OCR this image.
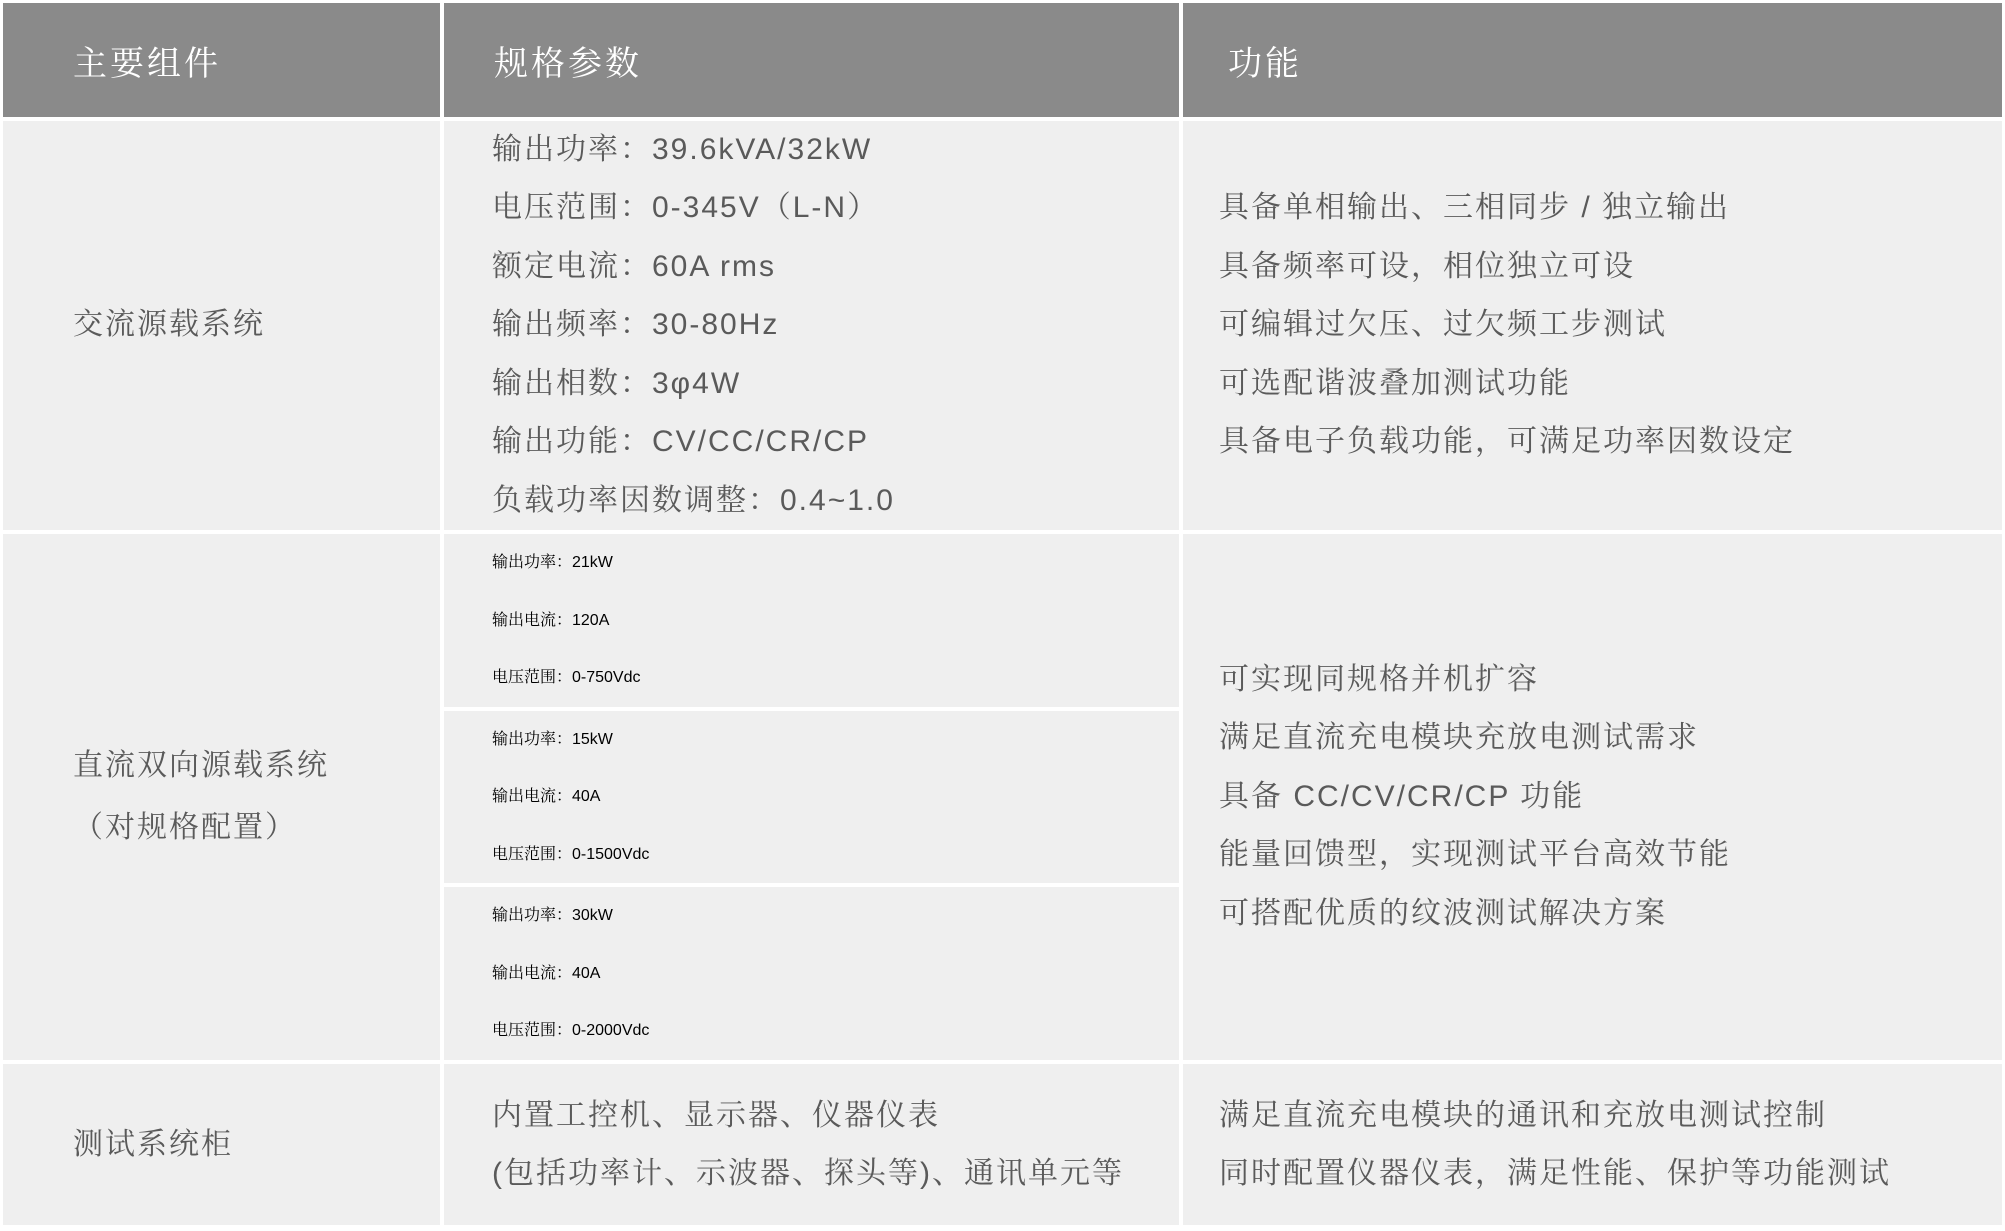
主要组件	规格参数	功能
交流源载系统
输出功率：39.6kVA/32kW
电压范围：0-345V（L-N）
额定电流：60A rms
输出频率：30-80Hz
输出相数：3φ4W
输出功能：CV/CC/CR/CP
负载功率因数调整：0.4~1.0
具备单相输出、三相同步 / 独立输出
具备频率可设，相位独立可设
可编辑过欠压、过欠频工步测试
可选配谐波叠加测试功能
具备电子负载功能，可满足功率因数设定
直流双向源载系统
（对规格配置）
输出功率：21kW
输出电流：120A
电压范围：0-750Vdc
输出功率：15kW
输出电流：40A
电压范围：0-1500Vdc
输出功率：30kW
输出电流：40A
电压范围：0-2000Vdc
可实现同规格并机扩容
满足直流充电模块充放电测试需求
具备 CC/CV/CR/CP 功能
能量回馈型，实现测试平台高效节能
可搭配优质的纹波测试解决方案
测试系统柜
内置工控机、显示器、仪器仪表
(包括功率计、示波器、探头等)、通讯单元等
满足直流充电模块的通讯和充放电测试控制
同时配置仪器仪表，满足性能、保护等功能测试
